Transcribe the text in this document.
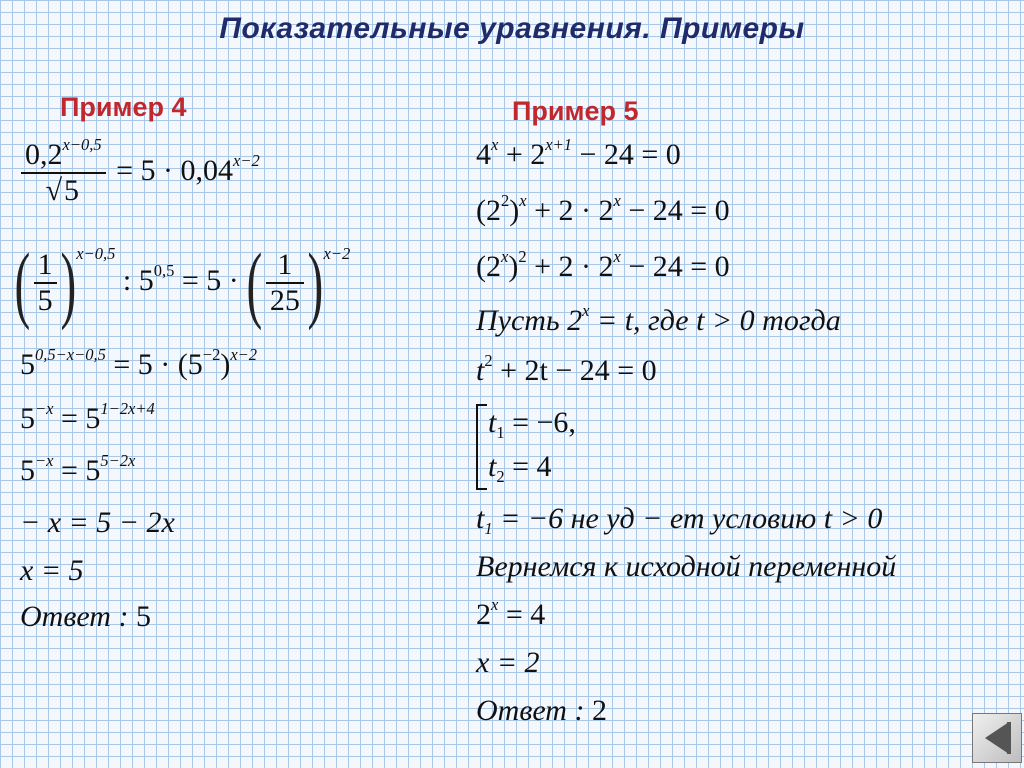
Показательные уравнения. Примеры
Пример 4
$\frac{0,2^{x-0,5}}{√5} = 5 \cdot 0,04^{x-2}$
( $\frac{1}{5} )^{x-0,5}$ : $5^{0,5} = 5$ · ( $\frac{1}{25} )^{x-2}$
$5^{0,5-x-0,5} = 5 \cdot (5^{-2})^{x-2}$
$5^{-x} = 5^{1-2x+4}$
$5^{-x} = 5^{5-2x}$
− x = 5 − 2x
x = 5
Ответ : 5
Пример 5
$4^x + 2^{x+1} - 24 = 0$
$(2^2)^x + 2 \cdot 2^x - 24 = 0$
$(2^x)^2 + 2 \cdot 2^x - 24 = 0$
Пусть $2^x = t$, где t > 0 тогда
$t^2 + 2t - 24 = 0$
$t_1 = -6$,
$t_2 = 4$
$t_1 = -6$ не уд − ет условию t > 0
Вернемся к исходной переменной
$2^x = 4$
x = 2
Ответ : 2
